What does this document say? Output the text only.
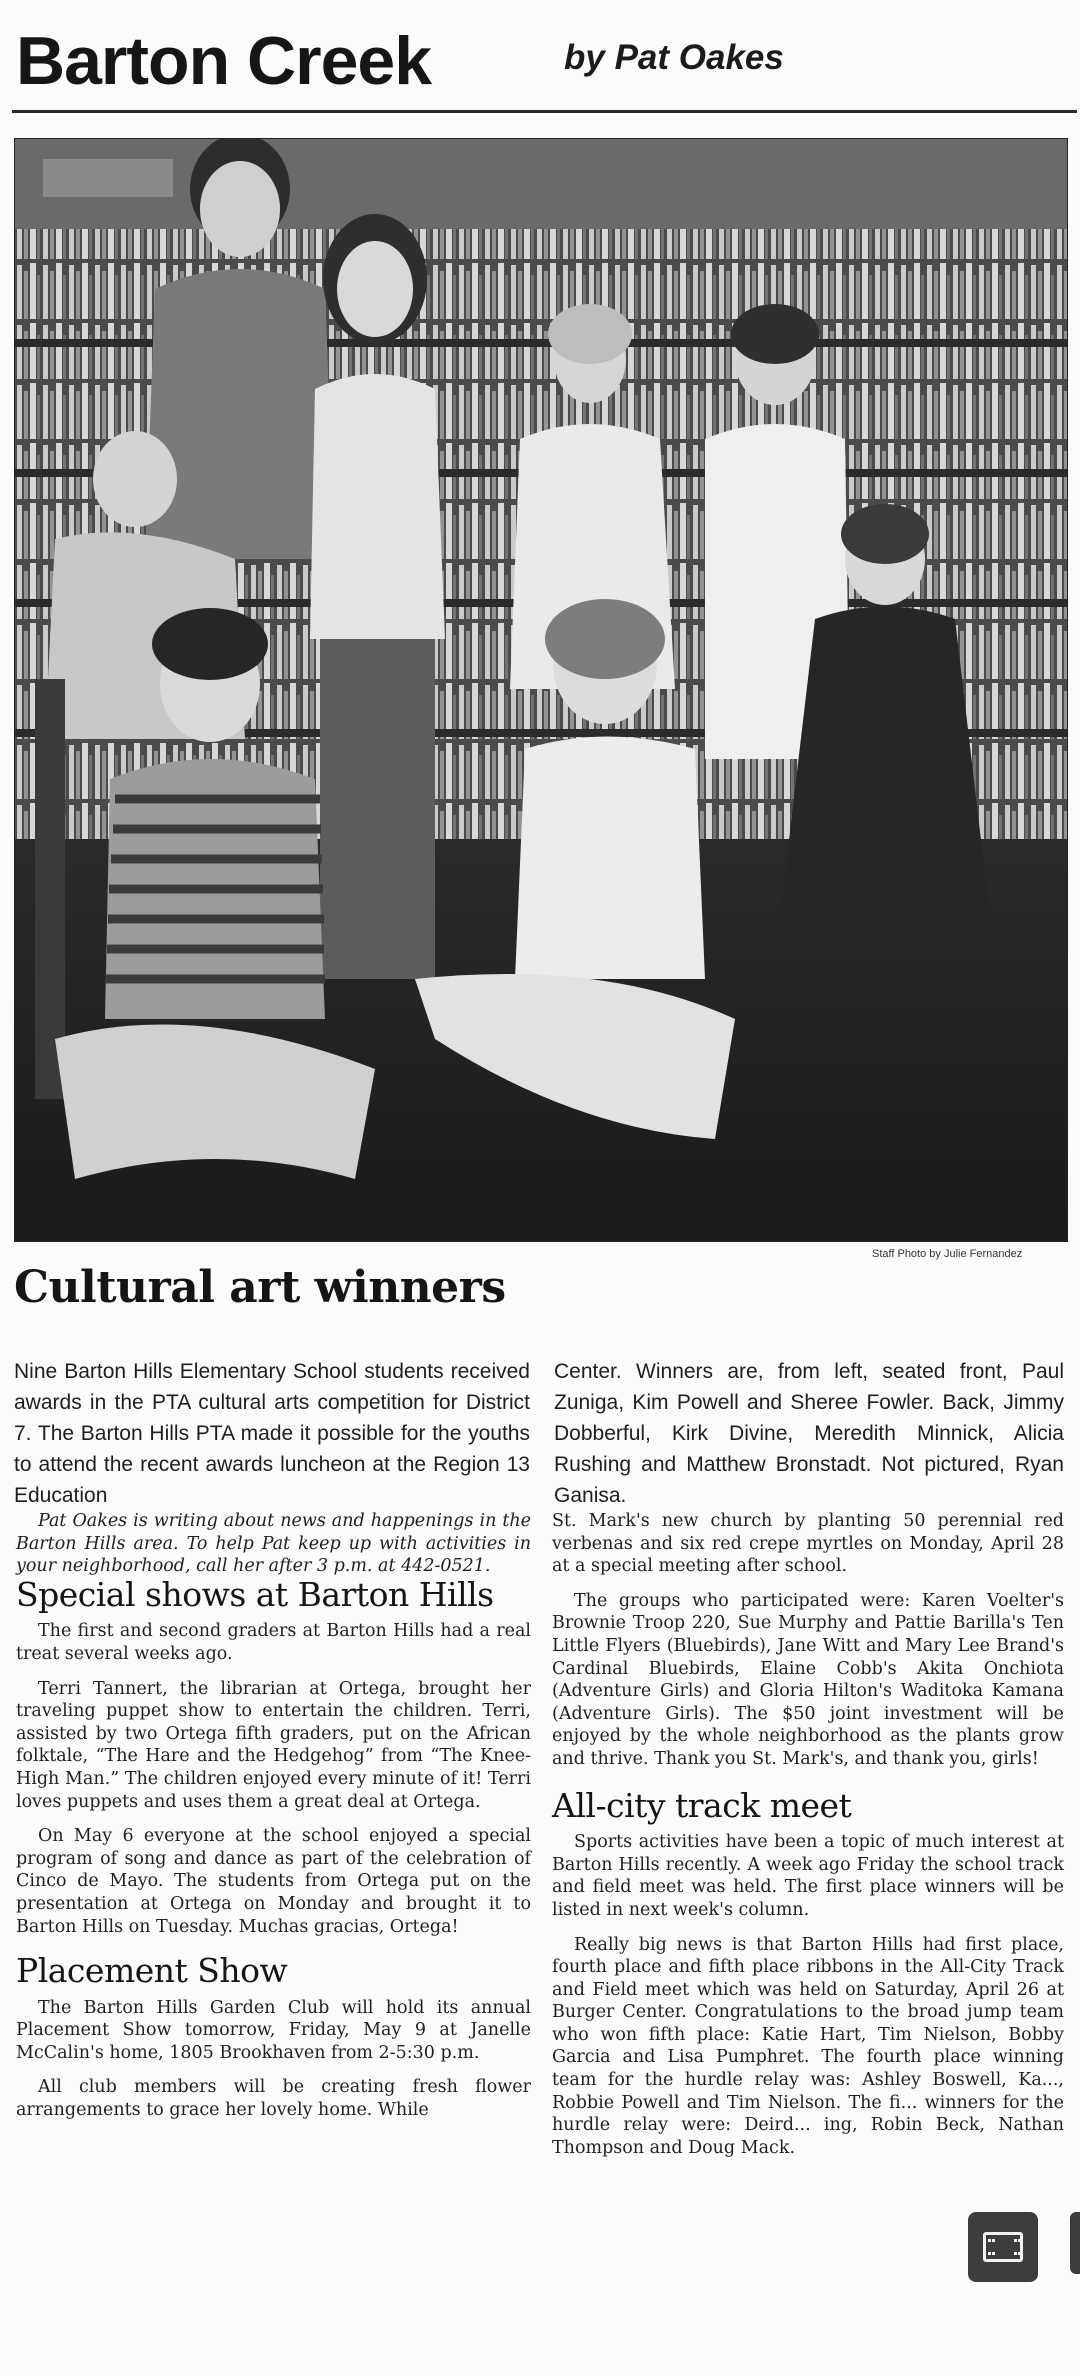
Barton Creek	by Pat Oakes
Staff Photo by Julie Fernandez
Cultural art winners
Nine Barton Hills Elementary School students received awards in the PTA cultural arts competition for District 7. The Barton Hills PTA made it possible for the youths to attend the recent awards luncheon at the Region 13 Education
Center. Winners are, from left, seated front, Paul Zuniga, Kim Powell and Sheree Fowler. Back, Jimmy Dobberful, Kirk Divine, Meredith Minnick, Alicia Rushing and Matthew Bronstadt. Not pictured, Ryan Ganisa.

Pat Oakes is writing about news and happenings in the Barton Hills area. To help Pat keep up with activities in your neighborhood, call her after 3 p.m. at 442-0521.

Special shows at Barton Hills

The first and second graders at Barton Hills had a real treat several weeks ago.

Terri Tannert, the librarian at Ortega, brought her traveling puppet show to entertain the children. Terri, assisted by two Ortega fifth graders, put on the African folktale, “The Hare and the Hedgehog” from “The Knee-High Man.” The children enjoyed every minute of it! Terri loves puppets and uses them a great deal at Ortega.

On May 6 everyone at the school enjoyed a special program of song and dance as part of the celebration of Cinco de Mayo. The students from Ortega put on the presentation at Ortega on Monday and brought it to Barton Hills on Tuesday. Muchas gracias, Ortega!

Placement Show

The Barton Hills Garden Club will hold its annual Placement Show tomorrow, Friday, May 9 at Janelle McCalin's home, 1805 Brookhaven from 2-5:30 p.m.

All club members will be creating fresh flower arrangements to grace her lovely home. While

St. Mark's new church by planting 50 perennial red verbenas and six red crepe myrtles on Monday, April 28 at a special meeting after school.

The groups who participated were: Karen Voelter's Brownie Troop 220, Sue Murphy and Pattie Barilla's Ten Little Flyers (Bluebirds), Jane Witt and Mary Lee Brand's Cardinal Bluebirds, Elaine Cobb's Akita Onchiota (Adventure Girls) and Gloria Hilton's Waditoka Kamana (Adventure Girls). The $50 joint investment will be enjoyed by the whole neighborhood as the plants grow and thrive. Thank you St. Mark's, and thank you, girls!

All-city track meet

Sports activities have been a topic of much interest at Barton Hills recently. A week ago Friday the school track and field meet was held. The first place winners will be listed in next week's column.

Really big news is that Barton Hills had first place, fourth place and fifth place ribbons in the All-City Track and Field meet which was held on Saturday, April 26 at Burger Center. Congratulations to the broad jump team who won fifth place: Katie Hart, Tim Nielson, Bobby Garcia and Lisa Pumphret. The fourth place winning team for the hurdle relay was: Ashley Boswell, Ka..., Robbie Powell and Tim Nielson. The fi... winners for the hurdle relay were: Deird... ing, Robin Beck, Nathan Thompson and Doug Mack.
